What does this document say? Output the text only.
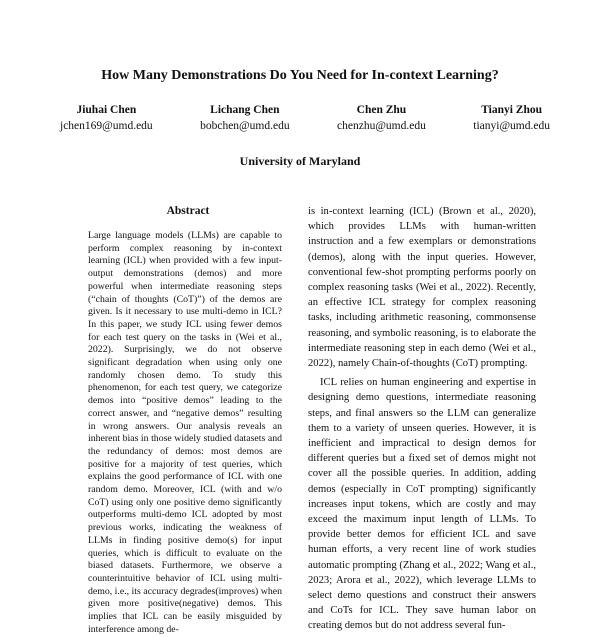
How Many Demonstrations Do You Need for In-context Learning?
Jiuhai Chen
jchen169@umd.edu
Lichang Chen
bobchen@umd.edu
Chen Zhu
chenzhu@umd.edu
Tianyi Zhou
tianyi@umd.edu
University of Maryland
Abstract
Large language models (LLMs) are capable to perform complex reasoning by in-context learning (ICL) when provided with a few input-output demonstrations (demos) and more powerful when intermediate reasoning steps (“chain of thoughts (CoT)”) of the demos are given. Is it necessary to use multi-demo in ICL? In this paper, we study ICL using fewer demos for each test query on the tasks in (Wei et al., 2022). Surprisingly, we do not observe significant degradation when using only one randomly chosen demo. To study this phenomenon, for each test query, we categorize demos into “positive demos” leading to the correct answer, and “negative demos” resulting in wrong answers. Our analysis reveals an inherent bias in those widely studied datasets and the redundancy of demos: most demos are positive for a majority of test queries, which explains the good performance of ICL with one random demo. Moreover, ICL (with and w/o CoT) using only one positive demo significantly outperforms multi-demo ICL adopted by most previous works, indicating the weakness of LLMs in finding positive demo(s) for input queries, which is difficult to evaluate on the biased datasets. Furthermore, we observe a counterintuitive behavior of ICL using multi-demo, i.e., its accuracy degrades(improves) when given more positive(negative) demos. This implies that ICL can be easily misguided by interference among de-

is in-context learning (ICL) (Brown et al., 2020), which provides LLMs with human-written instruction and a few exemplars or demonstrations (demos), along with the input queries. However, conventional few-shot prompting performs poorly on complex reasoning tasks (Wei et al., 2022). Recently, an effective ICL strategy for complex reasoning tasks, including arithmetic reasoning, commonsense reasoning, and symbolic reasoning, is to elaborate the intermediate reasoning step in each demo (Wei et al., 2022), namely Chain-of-thoughts (CoT) prompting.

ICL relies on human engineering and expertise in designing demo questions, intermediate reasoning steps, and final answers so the LLM can generalize them to a variety of unseen queries. However, it is inefficient and impractical to design demos for different queries but a fixed set of demos might not cover all the possible queries. In addition, adding demos (especially in CoT prompting) significantly increases input tokens, which are costly and may exceed the maximum input length of LLMs. To provide better demos for efficient ICL and save human efforts, a very recent line of work studies automatic prompting (Zhang et al., 2022; Wang et al., 2023; Arora et al., 2022), which leverage LLMs to select demo questions and construct their answers and CoTs for ICL. They save human labor on creating demos but do not address several fun-
